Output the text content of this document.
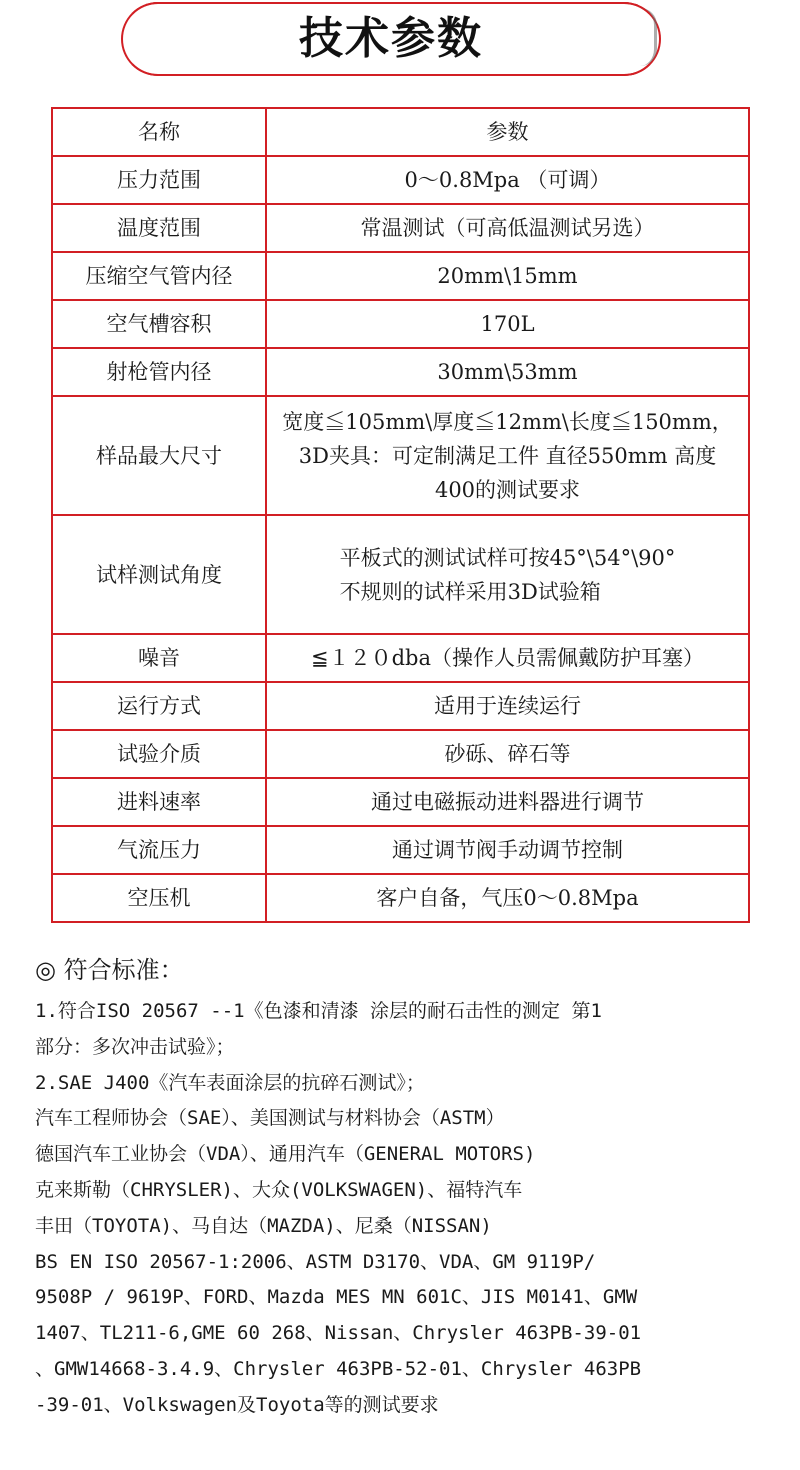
技术参数
名称	参数
压力范围	0～0.8Mpa （可调）
温度范围	常温测试（可高低温测试另选）
压缩空气管内径	20mm\15mm
空气槽容积	170L
射枪管内径	30mm\53mm
样品最大尺寸	宽度≦105mm\厚度≦12mm\长度≦150mm，
3D夹具：可定制满足工件 直径550mm 高度
400的测试要求

试样测试角度	平板式的测试试样可按45°\54°\90°
不规则的试样采用3D试验箱

噪音	≦１２０dba（操作人员需佩戴防护耳塞）
运行方式	适用于连续运行
试验介质	砂砾、碎石等
进料速率	通过电磁振动进料器进行调节
气流压力	通过调节阀手动调节控制
空压机	客户自备，气压0～0.8Mpa
◎ 符合标准：
1.符合ISO 20567 --1《色漆和清漆 涂层的耐石击性的测定 第1
部分：多次冲击试验》；
2.SAE J400《汽车表面涂层的抗碎石测试》；
汽车工程师协会（SAE）、美国测试与材料协会（ASTM）
德国汽车工业协会（VDA）、通用汽车（GENERAL MOTORS)
克来斯勒（CHRYSLER)、大众(VOLKSWAGEN)、福特汽车
丰田（TOYOTA)、马自达（MAZDA)、尼桑（NISSAN)
BS EN ISO 20567-1:2006、ASTM D3170、VDA、GM 9119P/
9508P / 9619P、FORD、Mazda MES MN 601C、JIS M0141、GMW
1407、TL211-6,GME 60 268、Nissan、Chrysler 463PB-39-01
、GMW14668-3.4.9、Chrysler 463PB-52-01、Chrysler 463PB
-39-01、Volkswagen及Toyota等的测试要求
